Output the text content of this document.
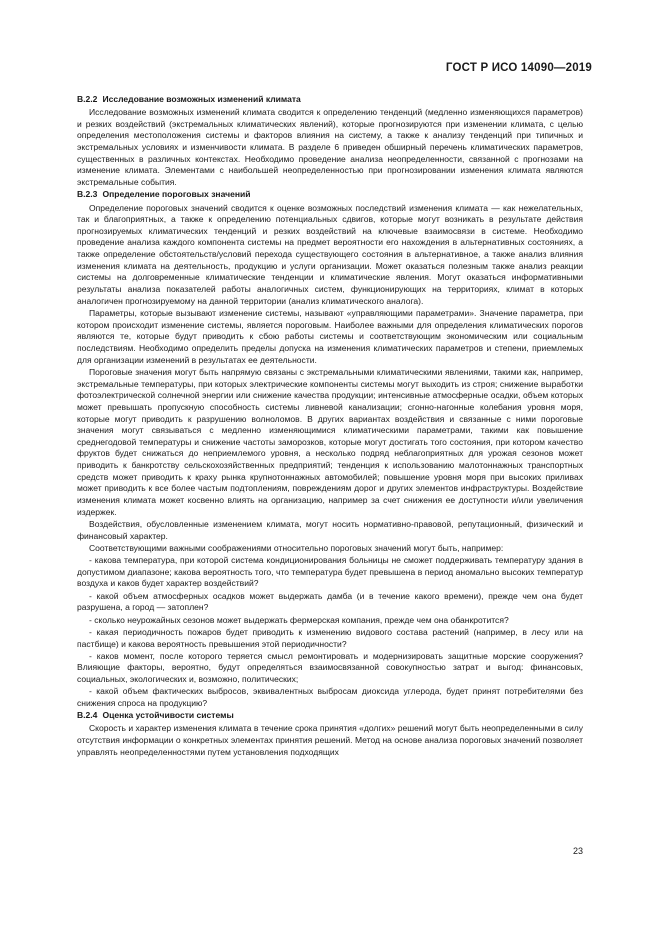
ГОСТ Р ИСО 14090—2019
B.2.2 Исследование возможных изменений климата

Исследование возможных изменений климата сводится к определению тенденций (медленно изменяющихся параметров) и резких воздействий (экстремальных климатических явлений), которые прогнозируются при изменении климата, с целью определения местоположения системы и факторов влияния на систему, а также к анализу тенденций при типичных и экстремальных условиях и изменчивости климата. В разделе 6 приведен обширный перечень климатических параметров, существенных в различных контекстах. Необходимо проведение анализа неопределенности, связанной с прогнозами на изменение климата. Элементами с наибольшей неопределенностью при прогнозировании изменения климата являются экстремальные события.

B.2.3 Определение пороговых значений

Определение пороговых значений сводится к оценке возможных последствий изменения климата — как нежелательных, так и благоприятных, а также к определению потенциальных сдвигов, которые могут возникать в результате действия прогнозируемых климатических тенденций и резких воздействий на ключевые взаимосвязи в системе. Необходимо проведение анализа каждого компонента системы на предмет вероятности его нахождения в альтернативных состояниях, а также определение обстоятельств/условий перехода существующего состояния в альтернативное, а также анализ влияния изменения климата на деятельность, продукцию и услуги организации. Может оказаться полезным также анализ реакции системы на долговременные климатические тенденции и климатические явления. Могут оказаться информативными результаты анализа показателей работы аналогичных систем, функционирующих на территориях, климат в которых аналогичен прогнозируемому на данной территории (анализ климатического аналога).

Параметры, которые вызывают изменение системы, называют «управляющими параметрами». Значение параметра, при котором происходит изменение системы, является пороговым. Наиболее важными для определения климатических порогов являются те, которые будут приводить к сбою работы системы и соответствующим экономическим или социальным последствиям. Необходимо определить пределы допуска на изменения климатических параметров и степени, приемлемых для организации изменений в результатах ее деятельности.

Пороговые значения могут быть напрямую связаны с экстремальными климатическими явлениями, такими как, например, экстремальные температуры, при которых электрические компоненты системы могут выходить из строя; снижение выработки фотоэлектрической солнечной энергии или снижение качества продукции; интенсивные атмосферные осадки, объем которых может превышать пропускную способность системы ливневой канализации; сгонно-нагонные колебания уровня моря, которые могут приводить к разрушению волноломов. В других вариантах воздействия и связанные с ними пороговые значения могут связываться с медленно изменяющимися климатическими параметрами, такими как повышение среднегодовой температуры и снижение частоты заморозков, которые могут достигать того состояния, при котором качество фруктов будет снижаться до неприемлемого уровня, а несколько подряд неблагоприятных для урожая сезонов может приводить к банкротству сельскохозяйственных предприятий; тенденция к использованию малотоннажных транспортных средств может приводить к краху рынка крупнотоннажных автомобилей; повышение уровня моря при высоких приливах может приводить к все более частым подтоплениям, повреждениям дорог и других элементов инфраструктуры. Воздействие изменения климата может косвенно влиять на организацию, например за счет снижения ее доступности и/или увеличения издержек.

Воздействия, обусловленные изменением климата, могут носить нормативно-правовой, репутационный, физический и финансовый характер.

Соответствующими важными соображениями относительно пороговых значений могут быть, например:

- какова температура, при которой система кондиционирования больницы не сможет поддерживать температуру здания в допустимом диапазоне; какова вероятность того, что температура будет превышена в период аномально высоких температур воздуха и каков будет характер воздействий?

- какой объем атмосферных осадков может выдержать дамба (и в течение какого времени), прежде чем она будет разрушена, а город — затоплен?

- сколько неурожайных сезонов может выдержать фермерская компания, прежде чем она обанкротится?

- какая периодичность пожаров будет приводить к изменению видового состава растений (например, в лесу или на пастбище) и какова вероятность превышения этой периодичности?

- каков момент, после которого теряется смысл ремонтировать и модернизировать защитные морские сооружения? Влияющие факторы, вероятно, будут определяться взаимосвязанной совокупностью затрат и выгод: финансовых, социальных, экологических и, возможно, политических;

- какой объем фактических выбросов, эквивалентных выбросам диоксида углерода, будет принят потребителями без снижения спроса на продукцию?

B.2.4 Оценка устойчивости системы

Скорость и характер изменения климата в течение срока принятия «долгих» решений могут быть неопределенными в силу отсутствия информации о конкретных элементах принятия решений. Метод на основе анализа пороговых значений позволяет управлять неопределенностями путем установления подходящих

23
